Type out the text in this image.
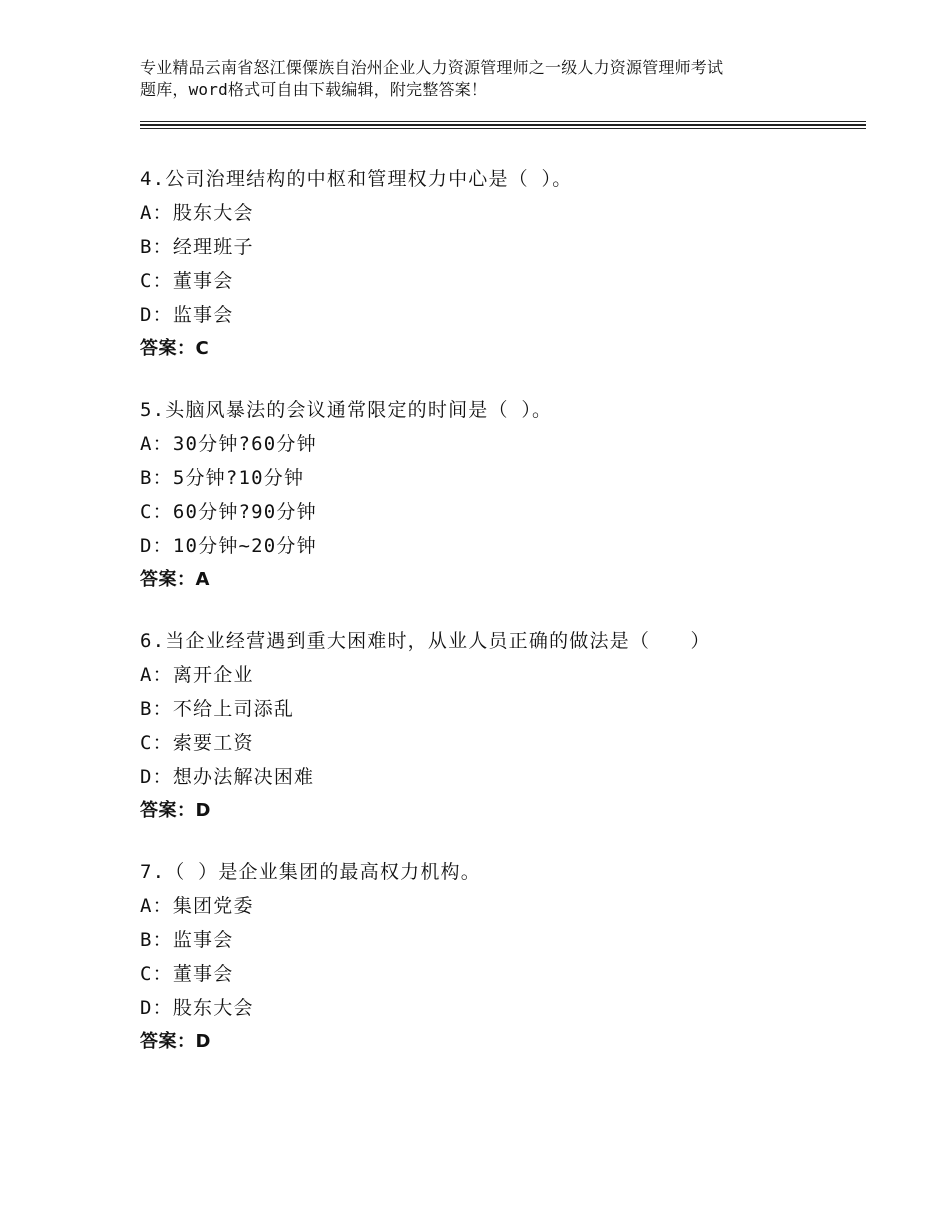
专业精品云南省怒江傈僳族自治州企业人力资源管理师之一级人力资源管理师考试
题库，word格式可自由下载编辑，附完整答案！
4.公司治理结构的中枢和管理权力中心是（ ）。
A：股东大会
B：经理班子
C：董事会
D：监事会
答案：C
5.头脑风暴法的会议通常限定的时间是（ ）。
A：30分钟?60分钟
B：5分钟?10分钟
C：60分钟?90分钟
D：10分钟~20分钟
答案：A
6.当企业经营遇到重大困难时，从业人员正确的做法是（　　）
A：离开企业
B：不给上司添乱
C：索要工资
D：想办法解决困难
答案：D
7.（ ）是企业集团的最高权力机构。
A：集团党委
B：监事会
C：董事会
D：股东大会
答案：D
